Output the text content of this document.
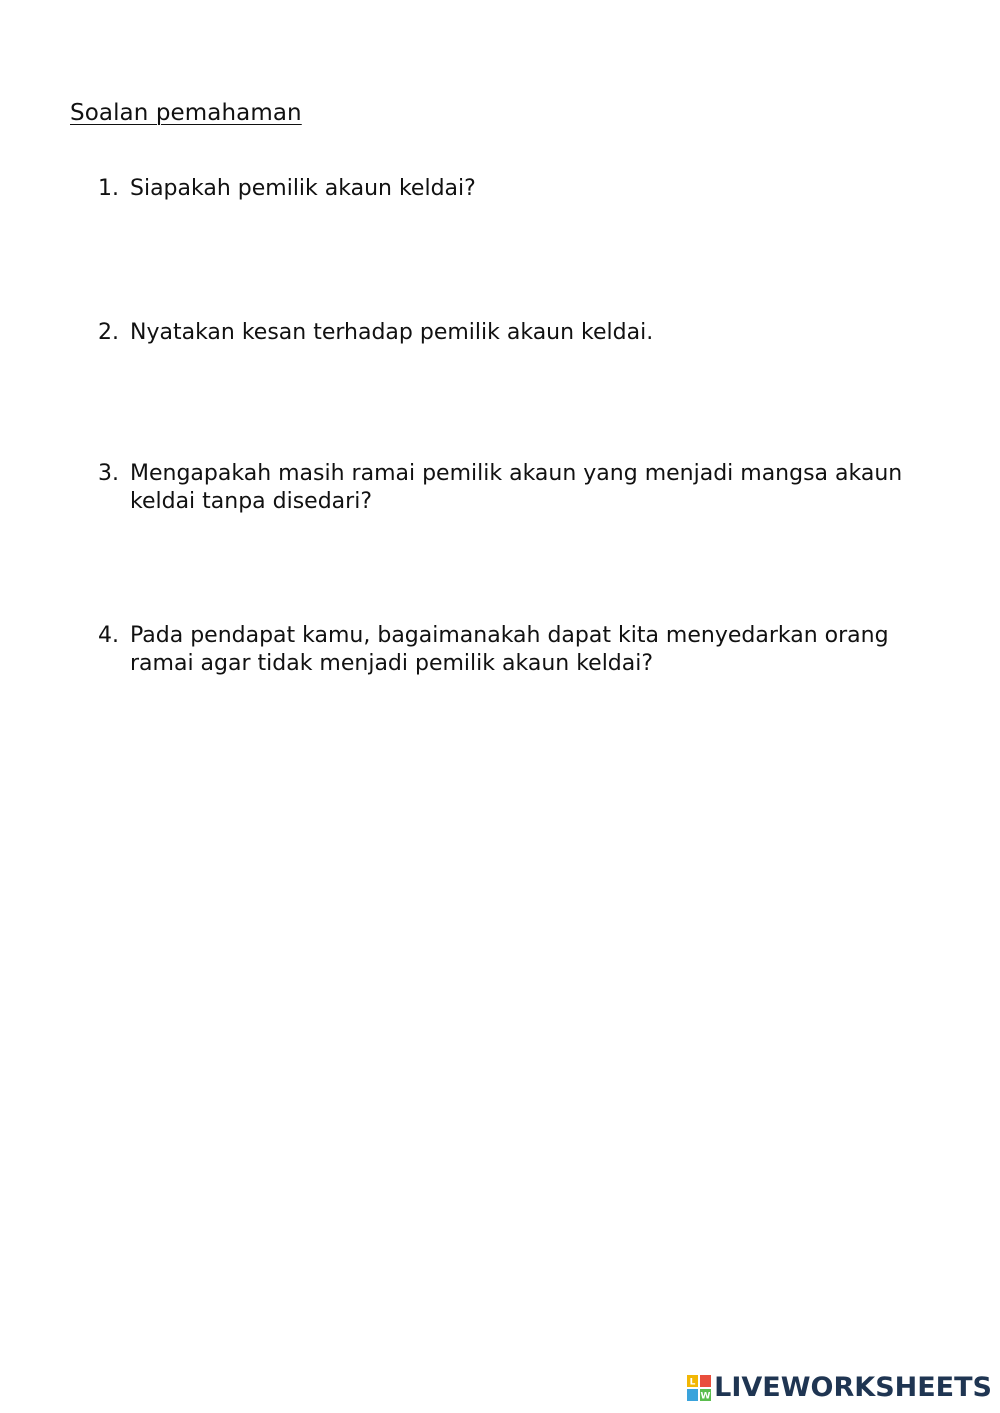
Soalan pemahaman
1. Siapakah pemilik akaun keldai?
2. Nyatakan kesan terhadap pemilik akaun keldai.
3. Mengapakah masih ramai pemilik akaun yang menjadi mangsa akaun keldai tanpa disedari?
4. Pada pendapat kamu, bagaimanakah dapat kita menyedarkan orang ramai agar tidak menjadi pemilik akaun keldai?
L
W LIVEWORKSHEETS
